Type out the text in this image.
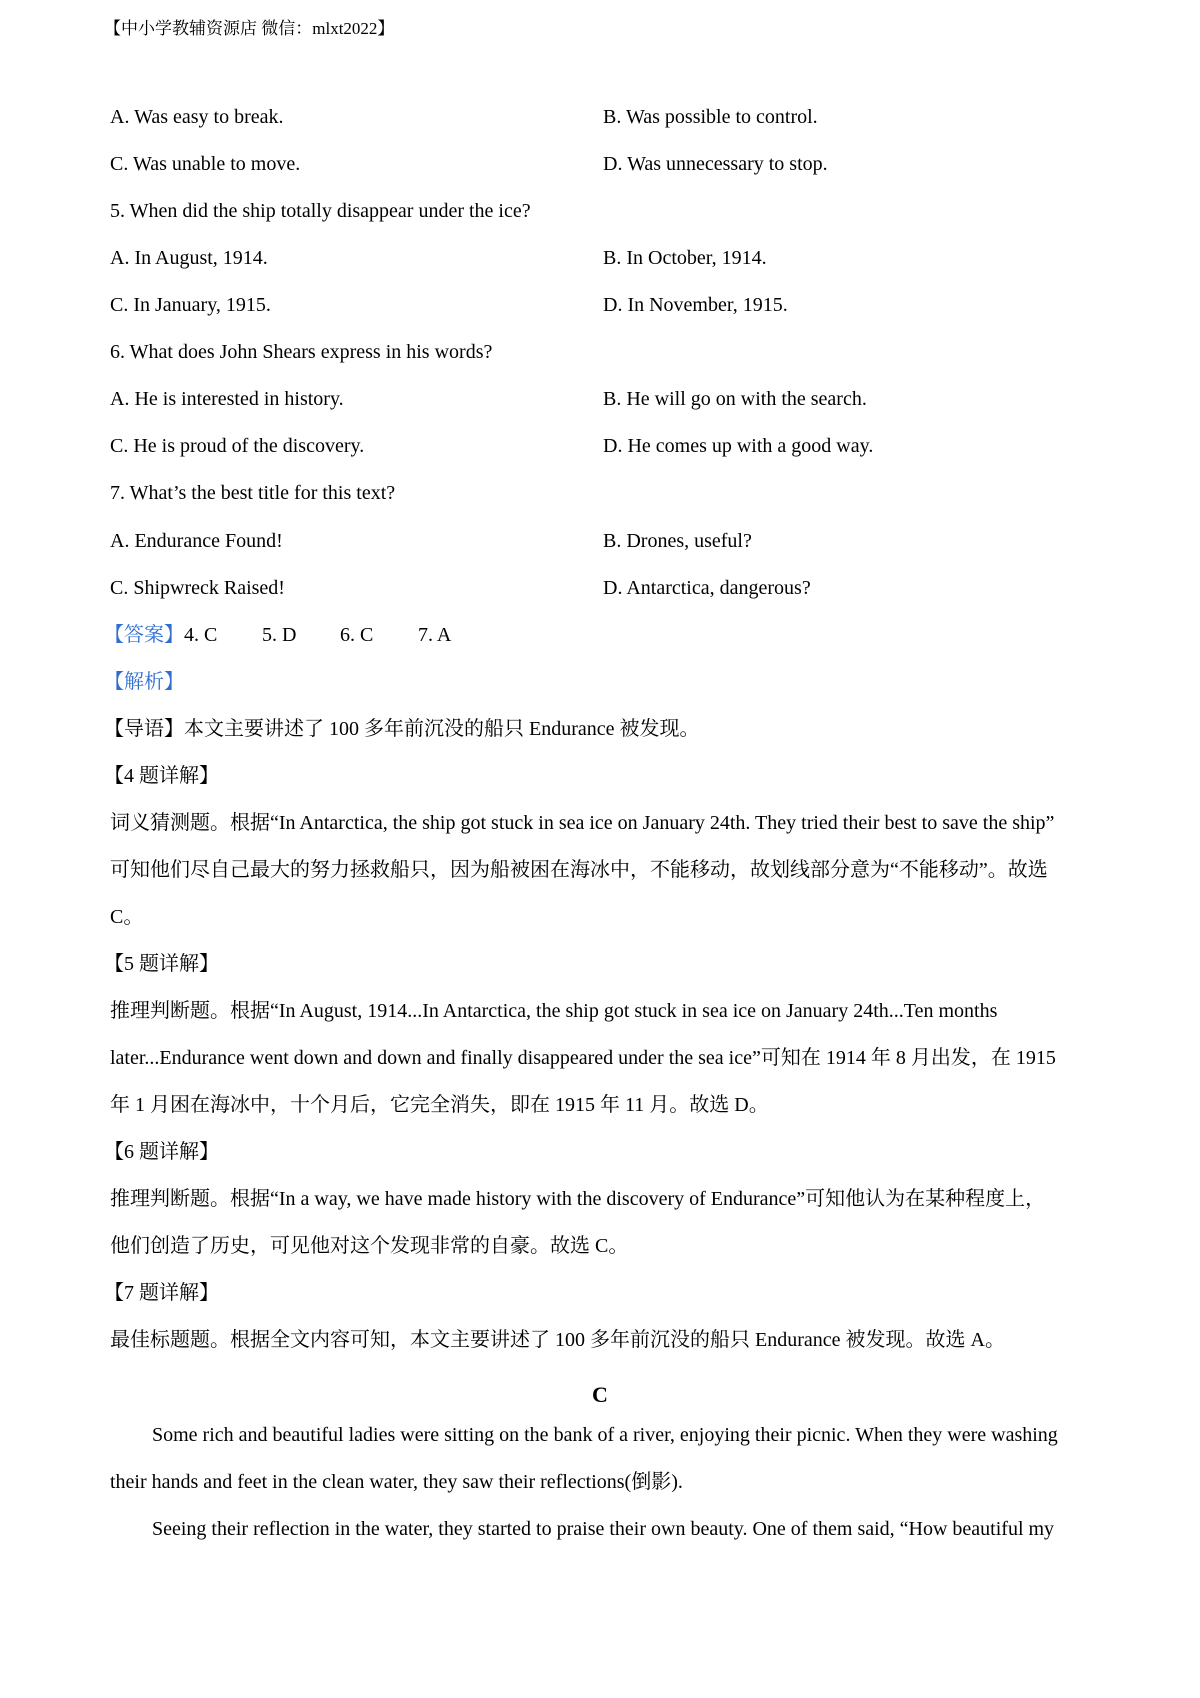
【中小学教辅资源店 微信：mlxt2022】
A. Was easy to break.	B. Was possible to control.
C. Was unable to move.	D. Was unnecessary to stop.
5. When did the ship totally disappear under the ice?
A. In August, 1914.	B. In October, 1914.
C. In January, 1915.	D. In November, 1915.
6. What does John Shears express in his words?
A. He is interested in history.	B. He will go on with the search.
C. He is proud of the discovery.	D. He comes up with a good way.
7. What’s the best title for this text?
A. Endurance Found!	B. Drones, useful?
C. Shipwreck Raised!	D. Antarctica, dangerous?
【答案】4. C 5. D 6. C 7. A
【解析】
【导语】本文主要讲述了 100 多年前沉没的船只 Endurance 被发现。
【4 题详解】
词义猜测题。根据“In Antarctica, the ship got stuck in sea ice on January 24th. They tried their best to save the ship”
可知他们尽自己最大的努力拯救船只，因为船被困在海冰中，不能移动，故划线部分意为“不能移动”。故选
C。
【5 题详解】
推理判断题。根据“In August, 1914...In Antarctica, the ship got stuck in sea ice on January 24th...Ten months
later...Endurance went down and down and finally disappeared under the sea ice”可知在 1914 年 8 月出发，在 1915
年 1 月困在海冰中，十个月后，它完全消失，即在 1915 年 11 月。故选 D。
【6 题详解】
推理判断题。根据“In a way, we have made history with the discovery of Endurance”可知他认为在某种程度上，
他们创造了历史，可见他对这个发现非常的自豪。故选 C。
【7 题详解】
最佳标题题。根据全文内容可知，本文主要讲述了 100 多年前沉没的船只 Endurance 被发现。故选 A。
C
Some rich and beautiful ladies were sitting on the bank of a river, enjoying their picnic. When they were washing
their hands and feet in the clean water, they saw their reflections(倒影).
Seeing their reflection in the water, they started to praise their own beauty. One of them said, “How beautiful my
